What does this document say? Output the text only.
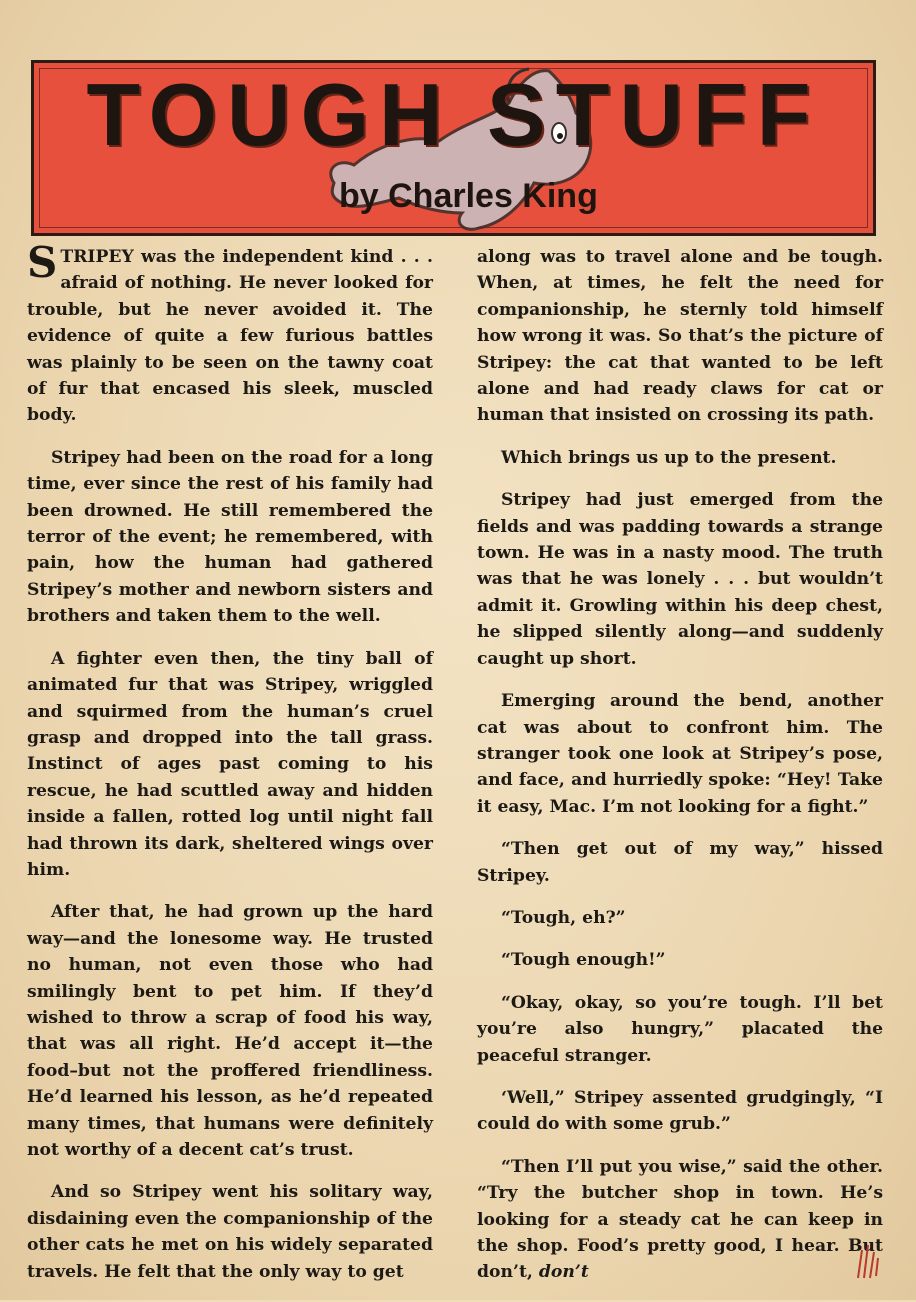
TOUGH STUFF
by Charles King

STRIPEY was the independent kind . . . afraid of nothing. He never looked for trouble, but he never avoided it. The evidence of quite a few furious battles was plainly to be seen on the tawny coat of fur that encased his sleek, muscled body.

Stripey had been on the road for a long time, ever since the rest of his family had been drowned. He still remembered the terror of the event; he remembered, with pain, how the human had gathered Stripey’s mother and newborn sisters and brothers and taken them to the well.

A fighter even then, the tiny ball of animated fur that was Stripey, wriggled and squirmed from the human’s cruel grasp and dropped into the tall grass. Instinct of ages past coming to his rescue, he had scuttled away and hidden inside a fallen, rotted log until night fall had thrown its dark, sheltered wings over him.

After that, he had grown up the hard way—and the lonesome way. He trusted no human, not even those who had smilingly bent to pet him. If they’d wished to throw a scrap of food his way, that was all right. He’d accept it—the food–but not the proffered friendliness. He’d learned his lesson, as he’d repeated many times, that humans were definitely not worthy of a decent cat’s trust.

And so Stripey went his solitary way, disdaining even the companionship of the other cats he met on his widely separated travels. He felt that the only way to get

along was to travel alone and be tough. When, at times, he felt the need for companionship, he sternly told himself how wrong it was. So that’s the picture of Stripey: the cat that wanted to be left alone and had ready claws for cat or human that insisted on crossing its path.

Which brings us up to the present.

Stripey had just emerged from the fields and was padding towards a strange town. He was in a nasty mood. The truth was that he was lonely . . . but wouldn’t admit it. Growling within his deep chest, he slipped silently along—and suddenly caught up short.

Emerging around the bend, another cat was about to confront him. The stranger took one look at Stripey’s pose, and face, and hurriedly spoke: “Hey! Take it easy, Mac. I’m not looking for a fight.”

“Then get out of my way,” hissed Stripey.

“Tough, eh?”

“Tough enough!”

“Okay, okay, so you’re tough. I’ll bet you’re also hungry,” placated the peaceful stranger.

‘Well,” Stripey assented grudgingly, “I could do with some grub.”

“Then I’ll put you wise,” said the other. “Try the butcher shop in town. He’s looking for a steady cat he can keep in the shop. Food’s pretty good, I hear. But don’t, don’t
